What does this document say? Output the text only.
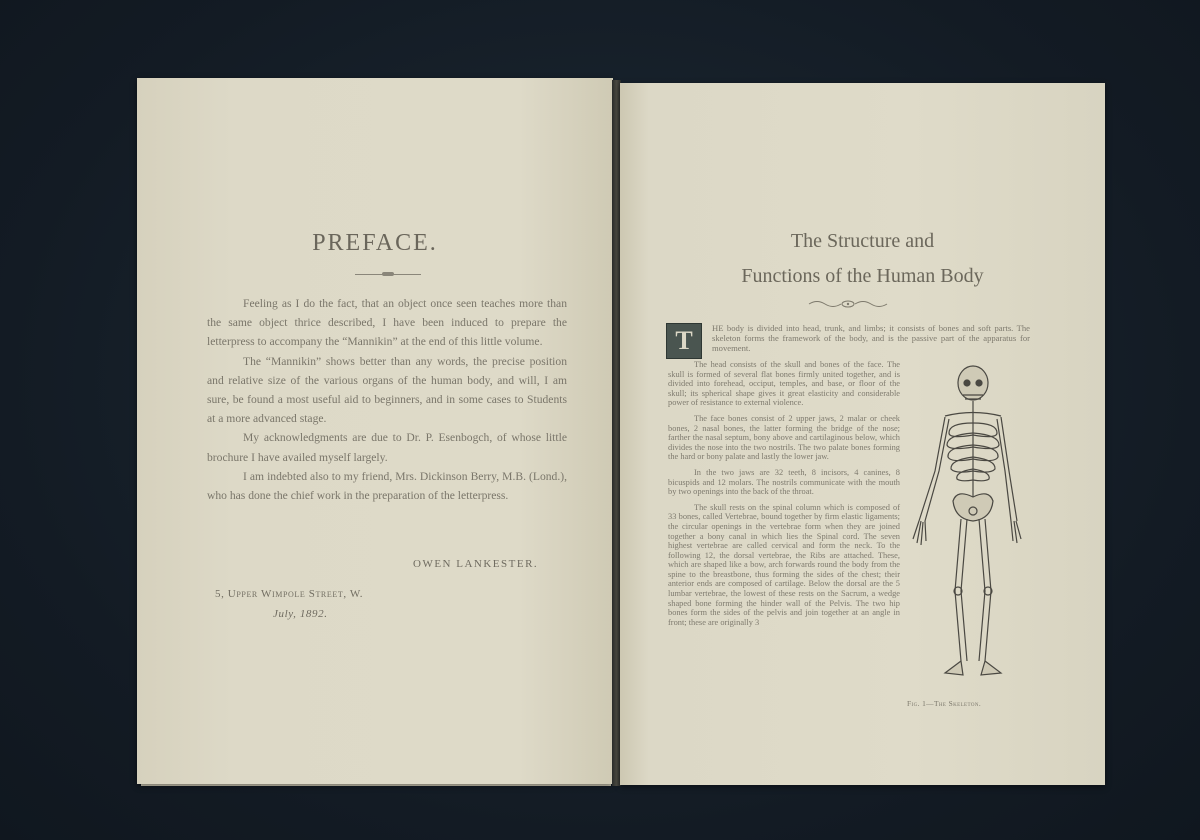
PREFACE.

Feeling as I do the fact, that an object once seen teaches more than the same object thrice described, I have been induced to prepare the letterpress to accompany the “Mannikin” at the end of this little volume.

The “Mannikin” shows better than any words, the precise position and relative size of the various organs of the human body, and will, I am sure, be found a most useful aid to beginners, and in some cases to Students at a more advanced stage.

My acknowledgments are due to Dr. P. Esenbogch, of whose little brochure I have availed myself largely.

I am indebted also to my friend, Mrs. Dickinson Berry, M.B. (Lond.), who has done the chief work in the preparation of the letterpress.

OWEN LANKESTER.
5, Upper Wimpole Street, W.
July, 1892.
The Structure and
Functions of the Human Body
T	HE body is divided into head, trunk, and limbs; it consists of bones and soft parts. The skeleton forms the framework of the body, and is the passive part of the apparatus for movement.

The head consists of the skull and bones of the face. The skull is formed of several flat bones firmly united together, and is divided into forehead, occiput, temples, and base, or floor of the skull; its spherical shape gives it great elasticity and considerable power of resistance to external violence.

The face bones consist of 2 upper jaws, 2 malar or cheek bones, 2 nasal bones, the latter forming the bridge of the nose; farther the nasal septum, bony above and cartilaginous below, which divides the nose into the two nostrils. The two palate bones forming the hard or bony palate and lastly the lower jaw.

In the two jaws are 32 teeth, 8 incisors, 4 canines, 8 bicuspids and 12 molars. The nostrils communicate with the mouth by two openings into the back of the throat.

The skull rests on the spinal column which is composed of 33 bones, called Vertebrae, bound together by firm elastic ligaments; the circular openings in the vertebrae form when they are joined together a bony canal in which lies the Spinal cord. The seven highest vertebrae are called cervical and form the neck. To the following 12, the dorsal vertebrae, the Ribs are attached. These, which are shaped like a bow, arch forwards round the body from the spine to the breastbone, thus forming the sides of the chest; their anterior ends are composed of cartilage. Below the dorsal are the 5 lumbar vertebrae, the lowest of these rests on the Sacrum, a wedge shaped bone forming the hinder wall of the Pelvis. The two hip bones form the sides of the pelvis and join together at an angle in front; these are originally 3

Fig. 1—The Skeleton.
